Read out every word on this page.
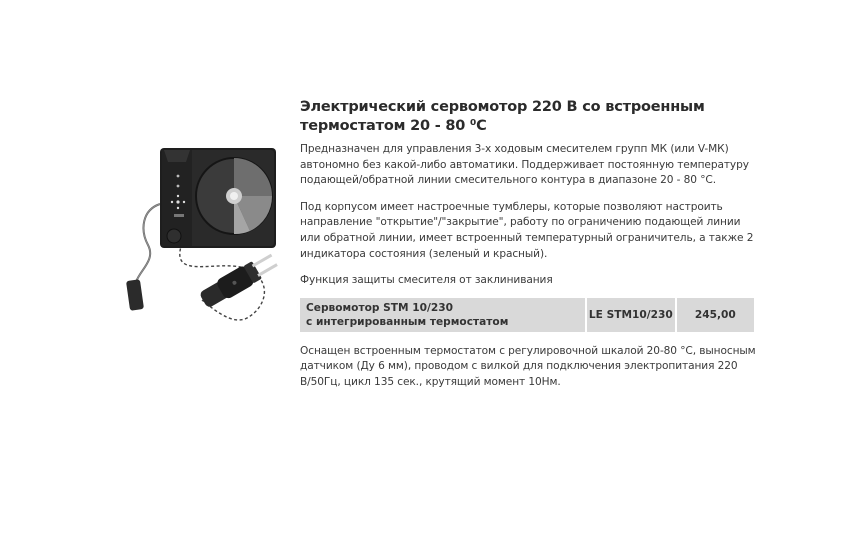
Электрический сервомотор 220 В со встроенным термостатом 20 - 80 ⁰С

Предназначен для управления 3-х ходовым смесителем групп МК (или V-МК) автономно без какой-либо автоматики. Поддерживает постоянную температуру подающей/обратной линии смесительного контура в диапазоне 20 - 80 °С.

Под корпусом имеет настроечные тумблеры, которые позволяют настроить направление "открытие"/"закрытие", работу по ограничению подающей линии или обратной линии, имеет встроенный температурный ограничитель, а также 2 индикатора состояния (зеленый и красный).

Функция защиты смесителя от заклинивания

Сервомотор STM 10/230
с интегрированным термостатом
	LE STM10/230	245,00

Оснащен встроенным термостатом с регулировочной шкалой 20-80 °С, выносным датчиком (Ду 6 мм), проводом с вилкой для подключения электропитания 220 В/50Гц, цикл 135 сек., крутящий момент 10Нм.
